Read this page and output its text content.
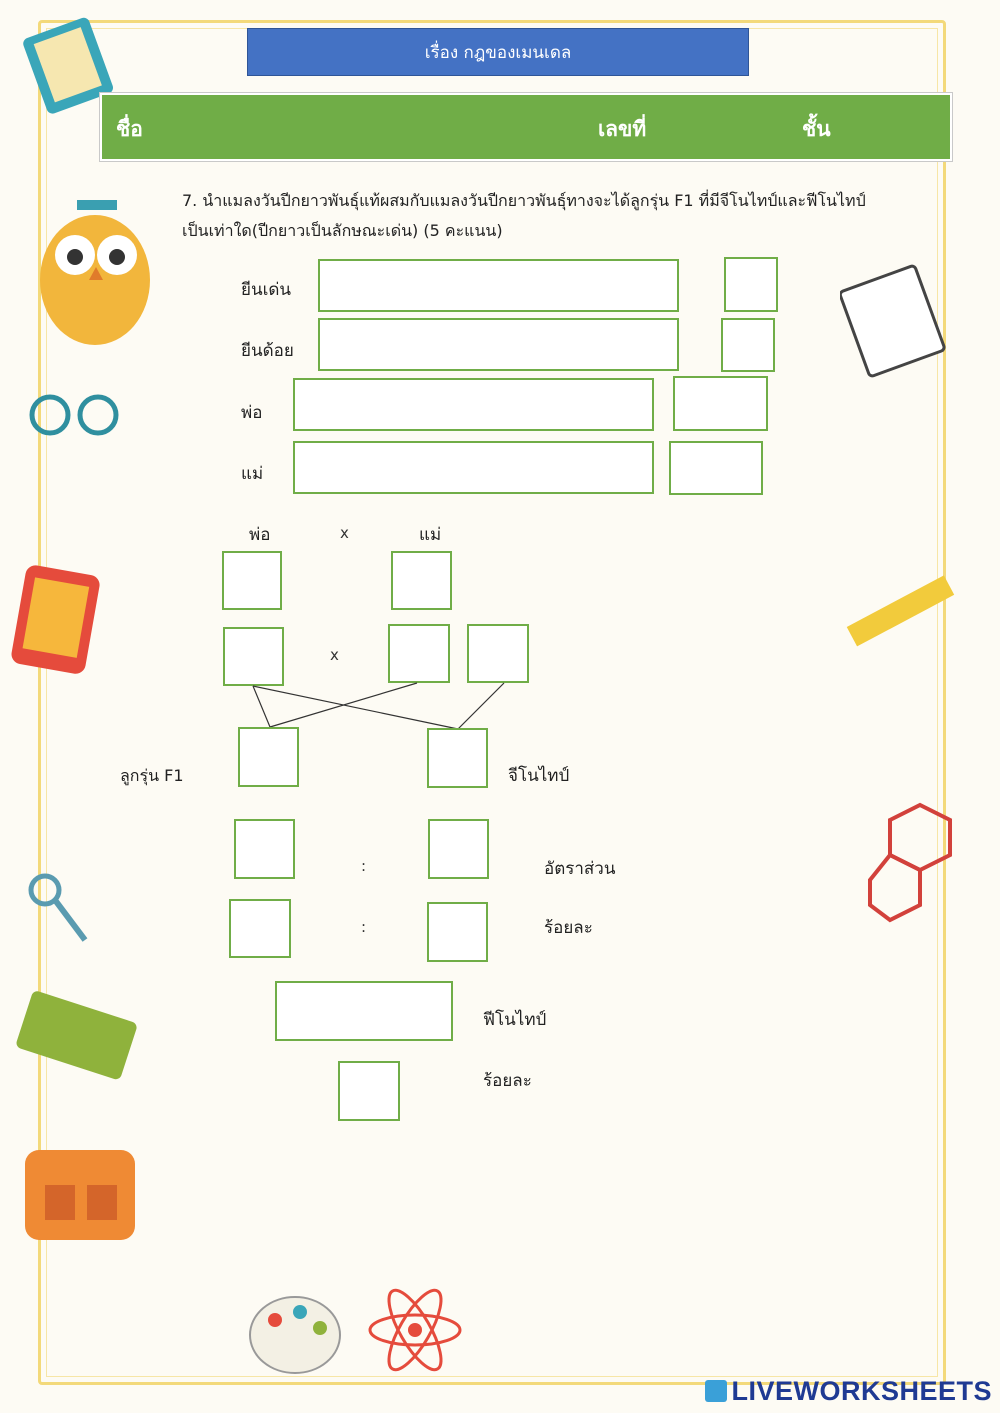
เรื่อง กฎของเมนเดล
ชื่อ	เลขที่	ชั้น
7. นำแมลงวันปีกยาวพันธุ์แท้ผสมกับแมลงวันปีกยาวพันธุ์ทางจะได้ลูกรุ่น F1 ที่มีจีโนไทป์และฟีโนไทป์เป็นเท่าใด(ปีกยาวเป็นลักษณะเด่น) (5 คะแนน)
ยีนเด่น
ยีนด้อย
พ่อ
แม่
พ่อ	x	แม่
x
ลูกรุ่น F1	จีโนไทป์
:	อัตราส่วน
:	ร้อยละ
ฟีโนไทป์
ร้อยละ
LIVEWORKSHEETS
